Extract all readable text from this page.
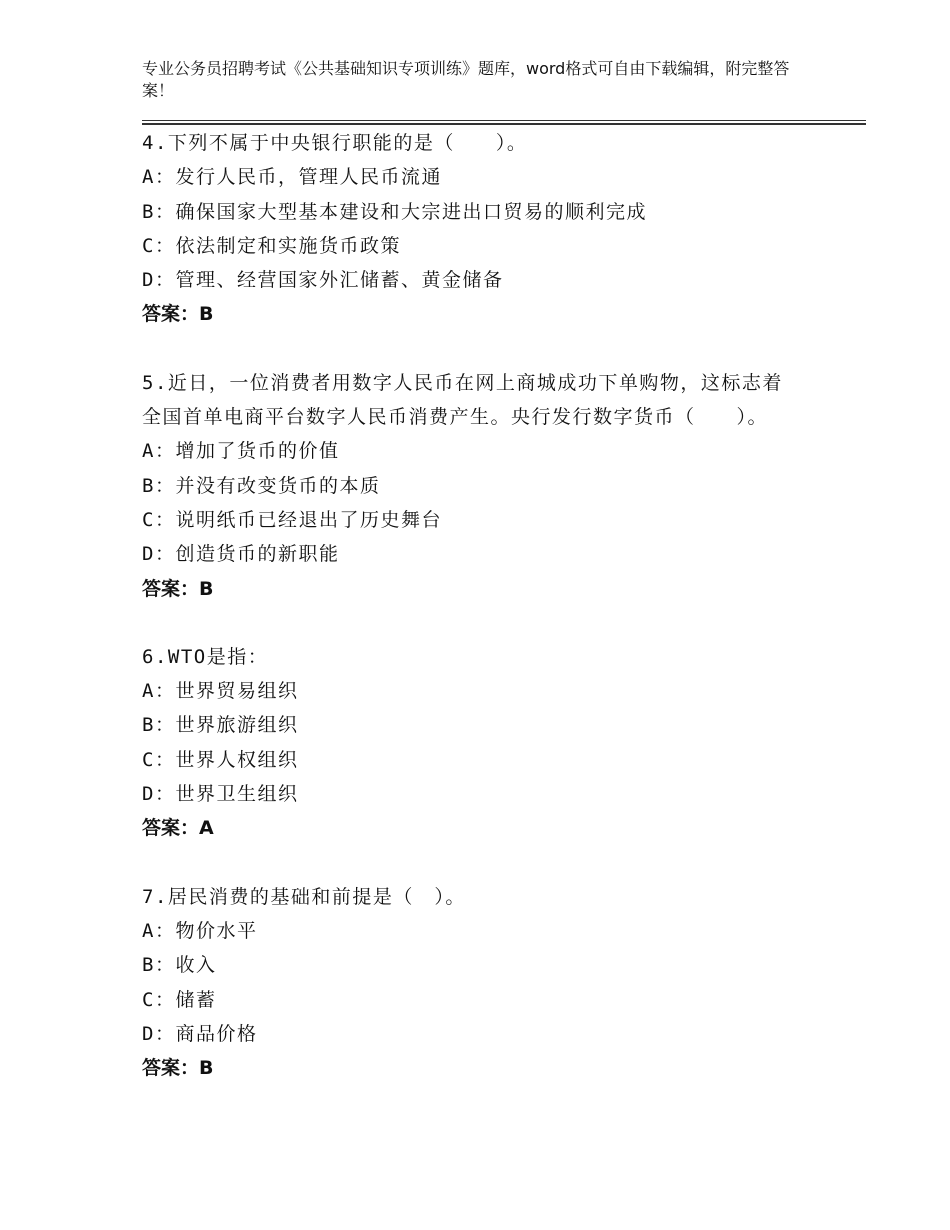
专业公务员招聘考试《公共基础知识专项训练》题库，word格式可自由下载编辑，附完整答案！
4.下列不属于中央银行职能的是（　　）。
A：发行人民币，管理人民币流通
B：确保国家大型基本建设和大宗进出口贸易的顺利完成
C：依法制定和实施货币政策
D：管理、经营国家外汇储蓄、黄金储备
答案：B
5.近日，一位消费者用数字人民币在网上商城成功下单购物，这标志着全国首单电商平台数字人民币消费产生。央行发行数字货币（　　）。
A：增加了货币的价值
B：并没有改变货币的本质
C：说明纸币已经退出了历史舞台
D：创造货币的新职能
答案：B
6.WTO是指：
A：世界贸易组织
B：世界旅游组织
C：世界人权组织
D：世界卫生组织
答案：A
7.居民消费的基础和前提是（　）。
A：物价水平
B：收入
C：储蓄
D：商品价格
答案：B
